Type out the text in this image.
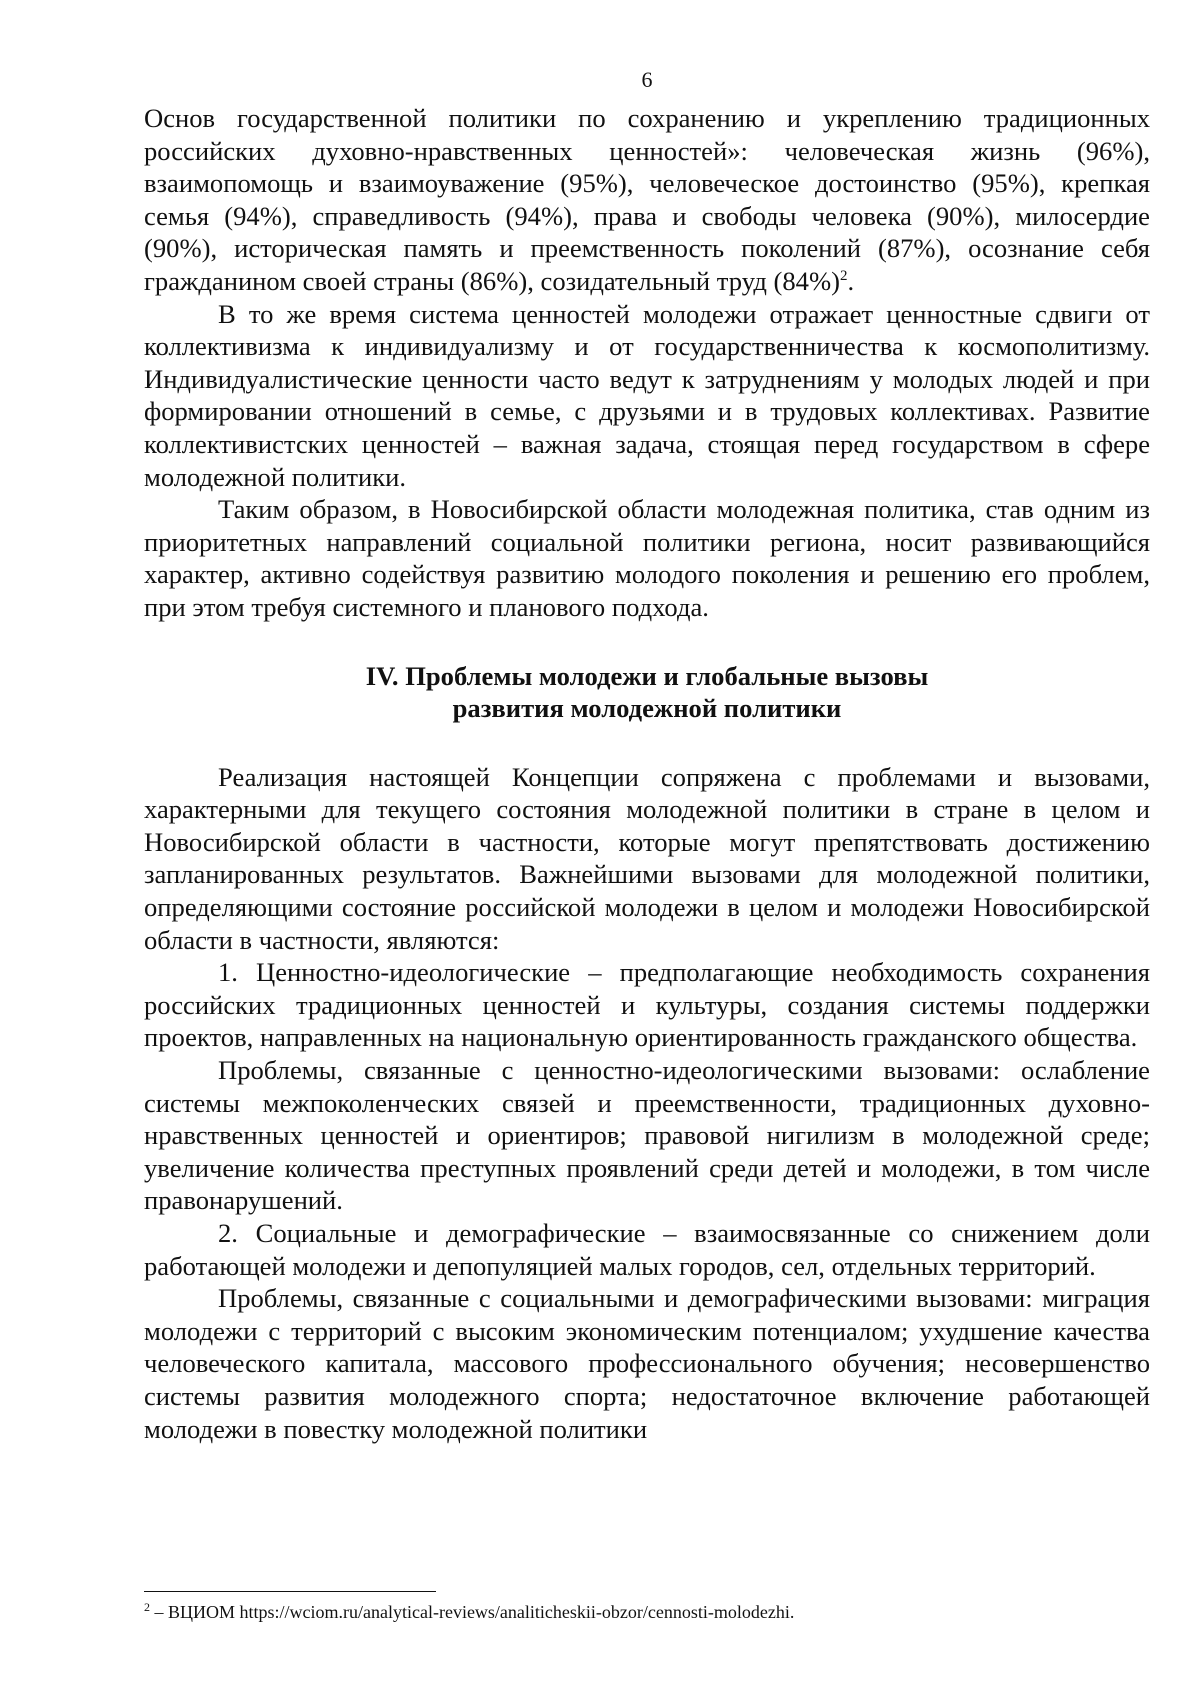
6

Основ государственной политики по сохранению и укреплению традиционных российских духовно-нравственных ценностей»: человеческая жизнь (96%), взаимопомощь и взаимоуважение (95%), человеческое достоинство (95%), крепкая семья (94%), справедливость (94%), права и свободы человека (90%), милосердие (90%), историческая память и преемственность поколений (87%), осознание себя гражданином своей страны (86%), созидательный труд $(84\%)^2$.

В то же время система ценностей молодежи отражает ценностные сдвиги от коллективизма к индивидуализму и от государственничества к космополитизму. Индивидуалистические ценности часто ведут к затруднениям у молодых людей и при формировании отношений в семье, с друзьями и в трудовых коллективах. Развитие коллективистских ценностей – важная задача, стоящая перед государством в сфере молодежной политики.

Таким образом, в Новосибирской области молодежная политика, став одним из приоритетных направлений социальной политики региона, носит развивающийся характер, активно содействуя развитию молодого поколения и решению его проблем, при этом требуя системного и планового подхода.

IV. Проблемы молодежи и глобальные вызовы
развития молодежной политики

Реализация настоящей Концепции сопряжена с проблемами и вызовами, характерными для текущего состояния молодежной политики в стране в целом и Новосибирской области в частности, которые могут препятствовать достижению запланированных результатов. Важнейшими вызовами для молодежной политики, определяющими состояние российской молодежи в целом и молодежи Новосибирской области в частности, являются:

1. Ценностно-идеологические – предполагающие необходимость сохранения российских традиционных ценностей и культуры, создания системы поддержки проектов, направленных на национальную ориентированность гражданского общества.

Проблемы, связанные с ценностно-идеологическими вызовами: ослабление системы межпоколенческих связей и преемственности, традиционных духовно-нравственных ценностей и ориентиров; правовой нигилизм в молодежной среде; увеличение количества преступных проявлений среди детей и молодежи, в том числе правонарушений.

2. Социальные и демографические – взаимосвязанные со снижением доли работающей молодежи и депопуляцией малых городов, сел, отдельных территорий.

Проблемы, связанные с социальными и демографическими вызовами: миграция молодежи с территорий с высоким экономическим потенциалом; ухудшение качества человеческого капитала, массового профессионального обучения; несовершенство системы развития молодежного спорта; недостаточное включение работающей молодежи в повестку молодежной политики

$^2$ – ВЦИОМ https://wciom.ru/analytical-reviews/analiticheskii-obzor/cennosti-molodezhi.
